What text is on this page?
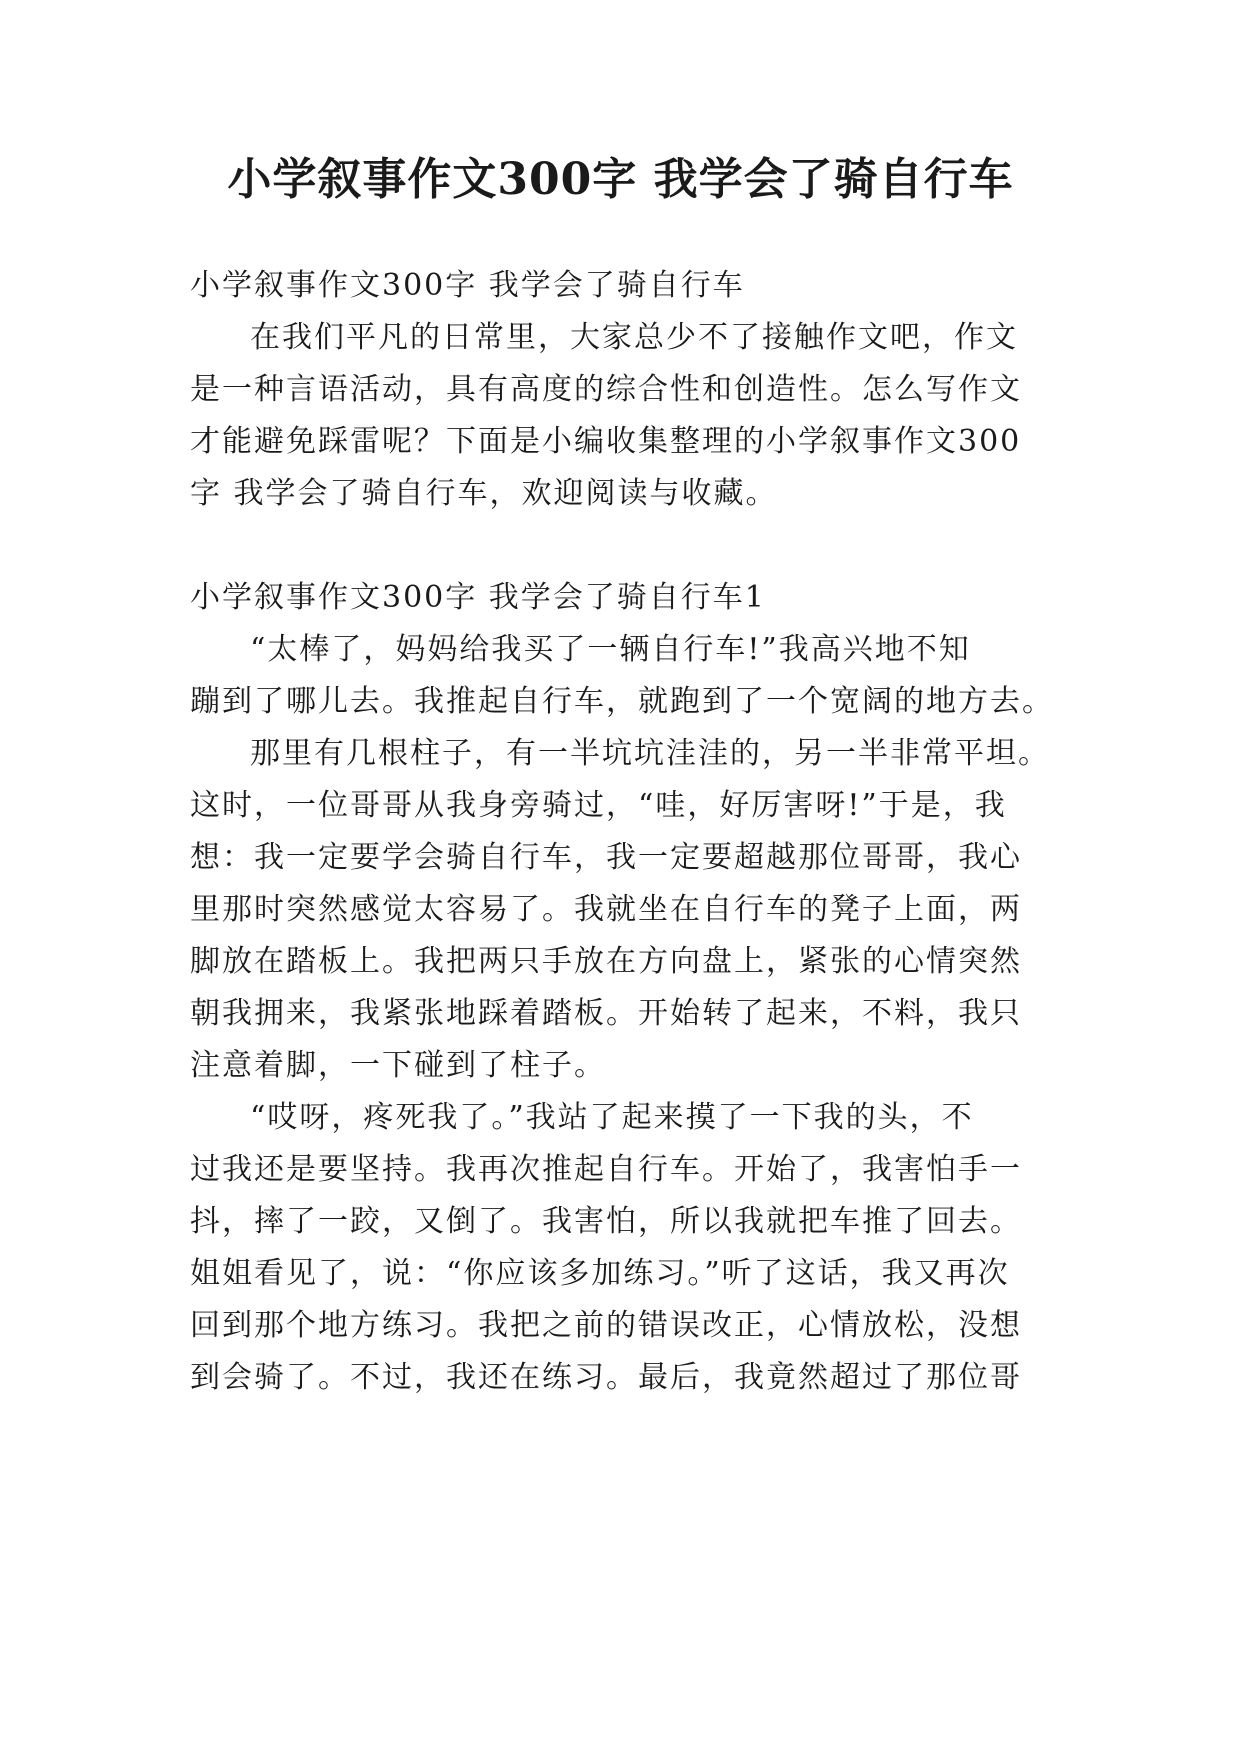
小学叙事作文300字 我学会了骑自行车
小学叙事作文300字 我学会了骑自行车
在我们平凡的日常里，大家总少不了接触作文吧，作文
是一种言语活动，具有高度的综合性和创造性。怎么写作文
才能避免踩雷呢？下面是小编收集整理的小学叙事作文300
字 我学会了骑自行车，欢迎阅读与收藏。
小学叙事作文300字 我学会了骑自行车1
“太棒了，妈妈给我买了一辆自行车!”我高兴地不知
蹦到了哪儿去。我推起自行车，就跑到了一个宽阔的地方去。
那里有几根柱子，有一半坑坑洼洼的，另一半非常平坦。
这时，一位哥哥从我身旁骑过，“哇，好厉害呀!”于是，我
想：我一定要学会骑自行车，我一定要超越那位哥哥，我心
里那时突然感觉太容易了。我就坐在自行车的凳子上面，两
脚放在踏板上。我把两只手放在方向盘上，紧张的心情突然
朝我拥来，我紧张地踩着踏板。开始转了起来，不料，我只
注意着脚，一下碰到了柱子。
“哎呀，疼死我了。”我站了起来摸了一下我的头，不
过我还是要坚持。我再次推起自行车。开始了，我害怕手一
抖，摔了一跤，又倒了。我害怕，所以我就把车推了回去。
姐姐看见了，说：“你应该多加练习。”听了这话，我又再次
回到那个地方练习。我把之前的错误改正，心情放松，没想
到会骑了。不过，我还在练习。最后，我竟然超过了那位哥
